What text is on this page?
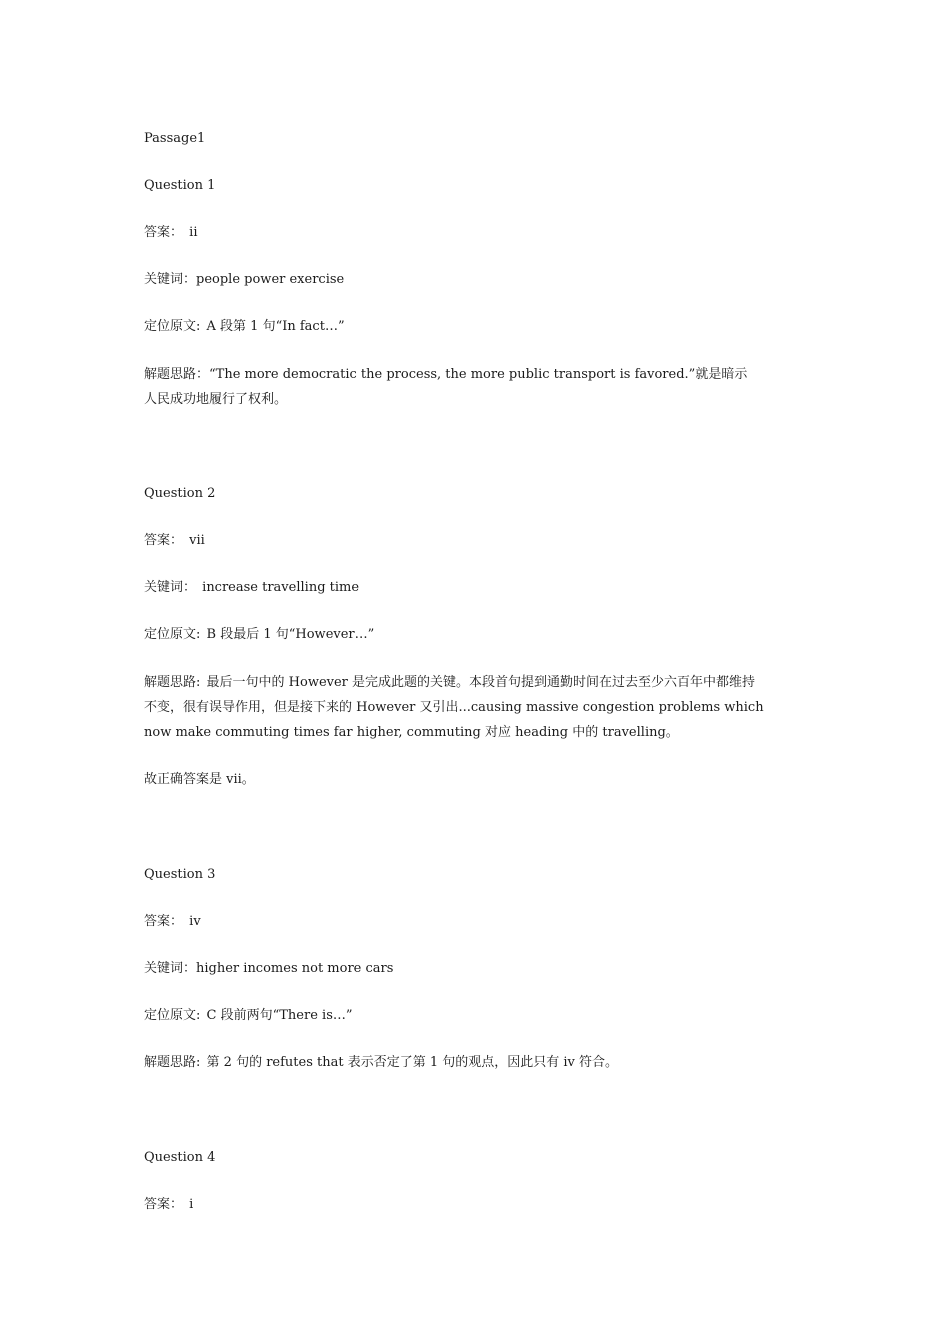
Passage1
Question 1
答案： ii
关键词：people power exercise
定位原文: A 段第 1 句“In fact…”
解题思路：“The more democratic the process, the more public transport is favored.”就是暗示
人民成功地履行了权利。
Question 2
答案： vii
关键词： increase travelling time
定位原文: B 段最后 1 句“However…”
解题思路: 最后一句中的 However 是完成此题的关键。本段首句提到通勤时间在过去至少六百年中都维持
不变，很有误导作用，但是接下来的 However 又引出...causing massive congestion problems which
now make commuting times far higher, commuting 对应 heading 中的 travelling。
故正确答案是 vii。
Question 3
答案： iv
关键词：higher incomes not more cars
定位原文: C 段前两句“There is…”
解题思路: 第 2 句的 refutes that 表示否定了第 1 句的观点，因此只有 iv 符合。
Question 4
答案： i
